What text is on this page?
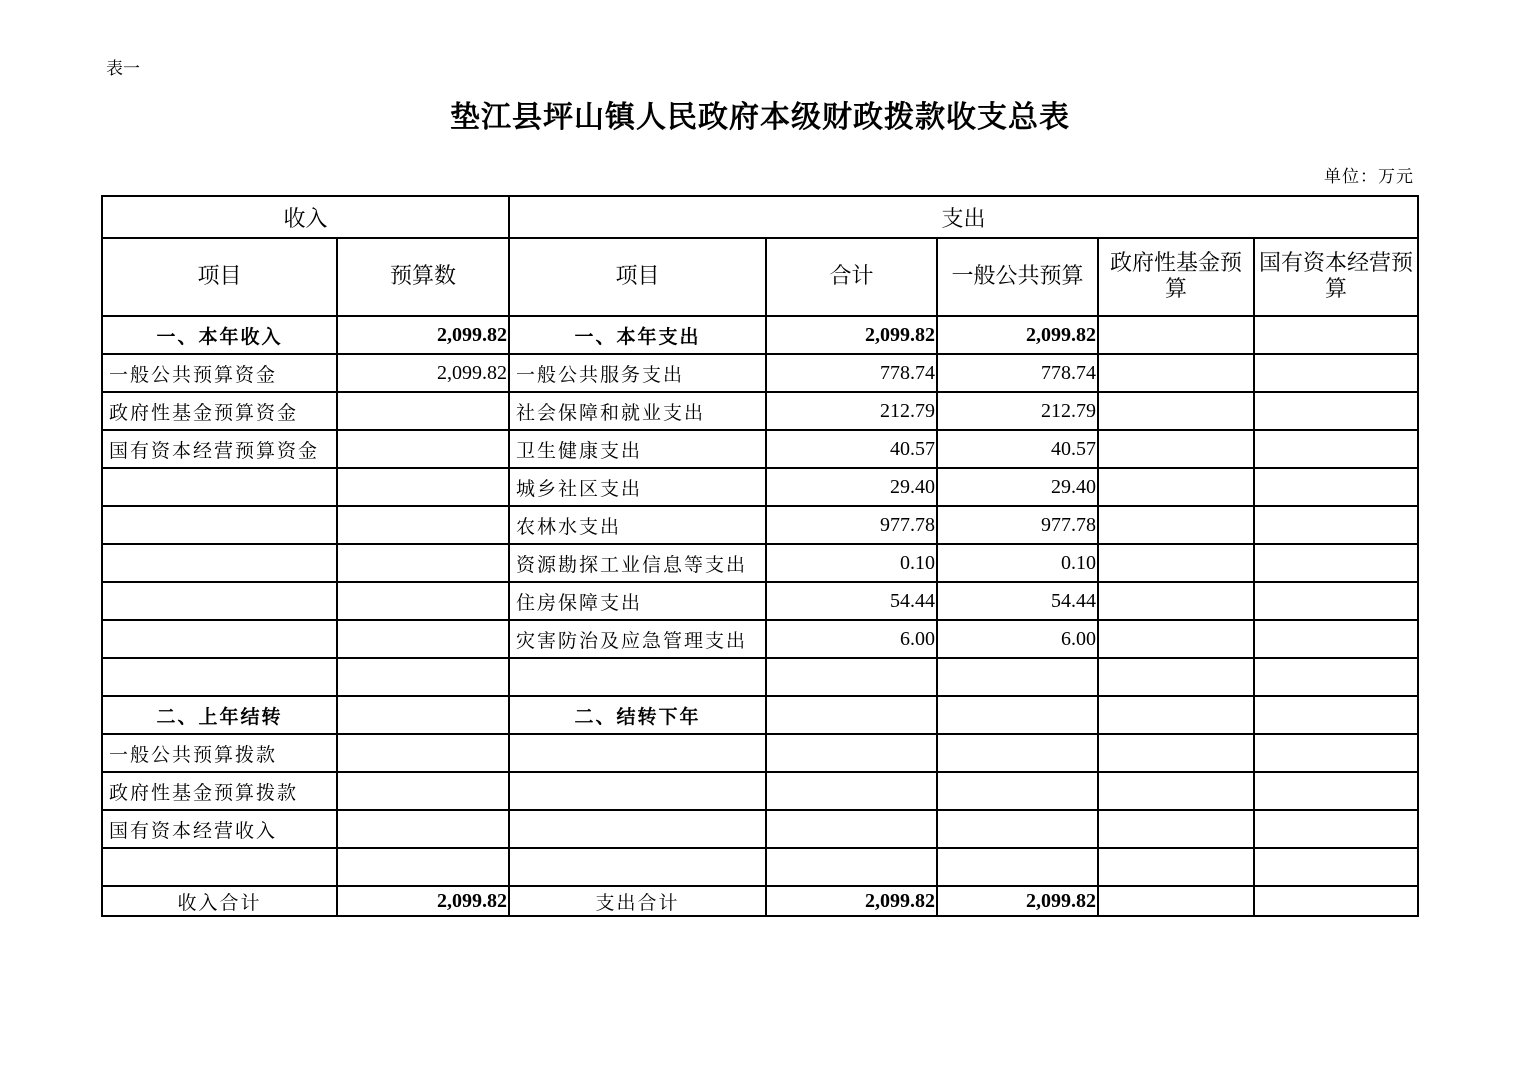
表一
垫江县坪山镇人民政府本级财政拨款收支总表
单位：万元
收入		支出				
项目	预算数	项目	合计	一般公共预算	政府性基金预算	国有资本经营预算
一、本年收入	2,099.82	一、本年支出	2,099.82	2,099.82		
一般公共预算资金	2,099.82	一般公共服务支出	778.74	778.74		
政府性基金预算资金		社会保障和就业支出	212.79	212.79		
国有资本经营预算资金		卫生健康支出	40.57	40.57		
		城乡社区支出	29.40	29.40		
		农林水支出	977.78	977.78		
		资源勘探工业信息等支出	0.10	0.10		
		住房保障支出	54.44	54.44		
		灾害防治及应急管理支出	6.00	6.00		

二、上年结转		二、结转下年				
一般公共预算拨款						
政府性基金预算拨款						
国有资本经营收入						

收入合计	2,099.82	支出合计	2,099.82	2,099.82		
